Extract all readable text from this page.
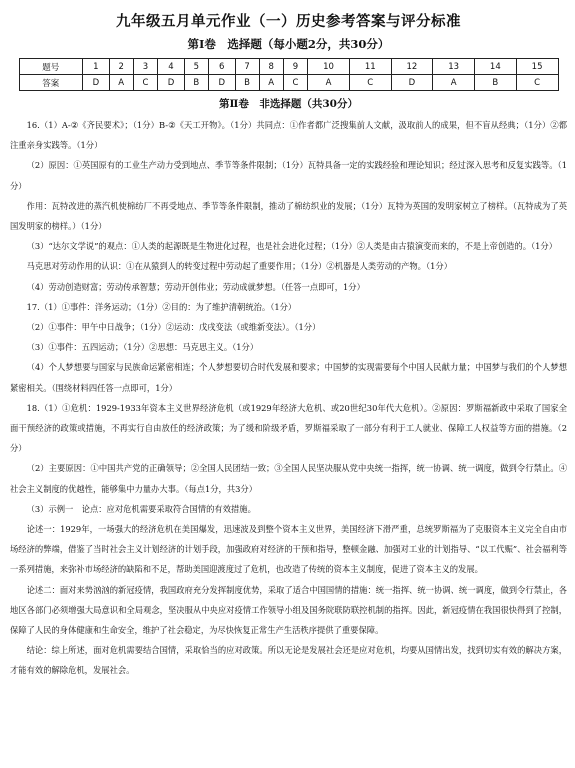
九年级五月单元作业（一）历史参考答案与评分标准
第Ⅰ卷　选择题（每小题2分，共30分）
题号	1	2	3	4	5	6	7	8	9	10	11	12	13	14	15
答案	D	A	C	D	B	D	B	A	C	A	C	D	A	B	C
第Ⅱ卷　非选择题（共30分）

16.（1）A-②《齐民要术》；（1分）B-②《天工开物》。（1分）共同点：①作者都广泛搜集前人文献，汲取前人的成果，但不盲从经典；（1分）②都注重亲身实践等。（1分）

（2）原因：①英国原有的工业生产动力受到地点、季节等条件限制；（1分）瓦特具备一定的实践经验和理论知识；经过深入思考和反复实践等。（1分）

作用：瓦特改进的蒸汽机使棉纺厂不再受地点、季节等条件限制，推动了棉纺织业的发展；（1分）瓦特为英国的发明家树立了榜样。（瓦特成为了英国发明家的榜样。）（1分）

（3）“达尔文学说”的观点：①人类的起源既是生物进化过程，也是社会进化过程；（1分）②人类是由古猿演变而来的，不是上帝创造的。（1分）

马克思对劳动作用的认识：①在从猿到人的转变过程中劳动起了重要作用；（1分）②机器是人类劳动的产物。（1分）

（4）劳动创造财富；劳动传承智慧；劳动开创伟业；劳动成就梦想。（任答一点即可，1分）

17.（1）①事件：洋务运动；（1分）②目的：为了维护清朝统治。（1分）

（2）①事件：甲午中日战争；（1分）②运动：戊戌变法（或维新变法）。（1分）

（3）①事件：五四运动；（1分）②思想：马克思主义。（1分）

（4）个人梦想要与国家与民族命运紧密相连；个人梦想要切合时代发展和要求；中国梦的实现需要每个中国人民献力量；中国梦与我们的个人梦想紧密相关。（围绕材料四任答一点即可，1分）

18.（1）①危机：1929-1933年资本主义世界经济危机（或1929年经济大危机、或20世纪30年代大危机）。②原因：罗斯福新政中采取了国家全面干预经济的政策或措施，不再实行自由放任的经济政策；为了缓和阶级矛盾，罗斯福采取了一部分有利于工人就业、保障工人权益等方面的措施。（2分）

（2）主要原因：①中国共产党的正确领导；②全国人民团结一致；③全国人民坚决服从党中央统一指挥，统一协调、统一调度，做到令行禁止。④社会主义制度的优越性，能够集中力量办大事。（每点1分，共3分）

（3）示例一　论点：应对危机需要采取符合国情的有效措施。

论述一：1929年，一场强大的经济危机在美国爆发，迅速波及到整个资本主义世界，美国经济下滑严重，总统罗斯福为了克服资本主义完全自由市场经济的弊端，借鉴了当时社会主义计划经济的计划手段，加强政府对经济的干预和指导，整顿金融、加强对工业的计划指导、“以工代赈”、社会福利等一系列措施，来弥补市场经济的缺陷和不足，帮助美国迎渡度过了危机，也改造了传统的资本主义制度，促进了资本主义的发展。

论述二：面对来势汹汹的新冠疫情，我国政府充分发挥制度优势，采取了适合中国国情的措施：统一指挥、统一协调、统一调度，做到令行禁止，各地区各部门必须增强大局意识和全局观念，坚决服从中央应对疫情工作领导小组及国务院联防联控机制的指挥。因此，新冠疫情在我国很快得到了控制，保障了人民的身体健康和生命安全，维护了社会稳定，为尽快恢复正常生产生活秩序提供了重要保障。

结论：综上所述，面对危机需要结合国情，采取恰当的应对政策。所以无论是发展社会还是应对危机，均要从国情出发，找到切实有效的解决方案，才能有效的解除危机，发展社会。
